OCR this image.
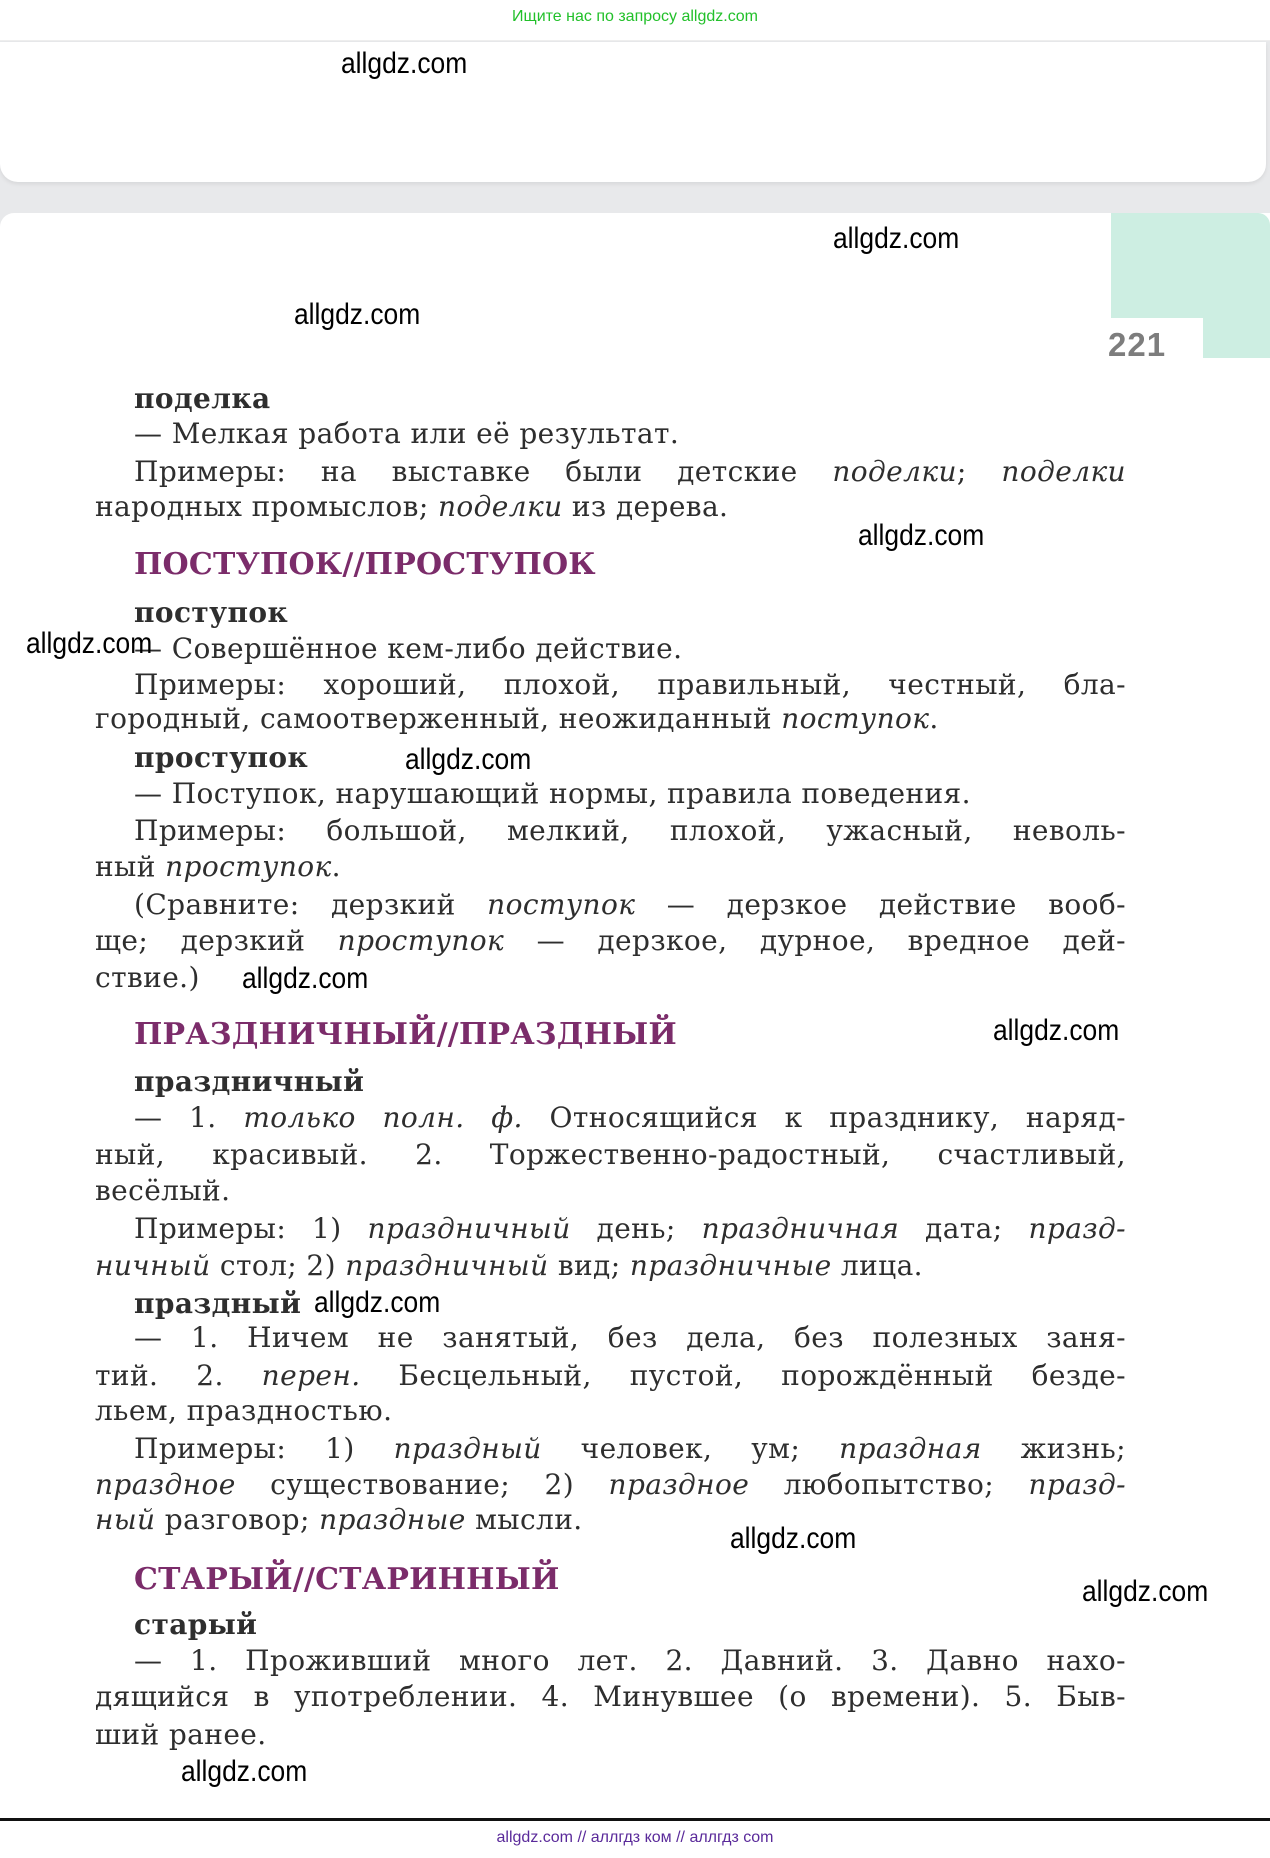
Ищите нас по запросу allgdz.com
221
поделка
— Мелкая работа или её результат.
Примеры: на выставке были детские поделки; поделки
народных промыслов; поделки из дерева.
ПОСТУПОК//ПРОСТУПОК
поступок
— Совершённое кем-либо действие.
Примеры: хороший, плохой, правильный, честный, бла-
городный, самоотверженный, неожиданный поступок.
проступок
— Поступок, нарушающий нормы, правила поведения.
Примеры: большой, мелкий, плохой, ужасный, неволь-
ный проступок.
(Сравните: дерзкий поступок — дерзкое действие вооб-
ще; дерзкий проступок — дерзкое, дурное, вредное дей-
ствие.)
ПРАЗДНИЧНЫЙ//ПРАЗДНЫЙ
праздничный
— 1. только полн. ф. Относящийся к празднику, наряд-
ный, красивый. 2. Торжественно-радостный, счастливый,
весёлый.
Примеры: 1) праздничный день; праздничная дата; празд-
ничный стол; 2) праздничный вид; праздничные лица.
праздный
— 1. Ничем не занятый, без дела, без полезных заня-
тий. 2. перен. Бесцельный, пустой, порождённый безде-
льем, праздностью.
Примеры: 1) праздный человек, ум; праздная жизнь;
праздное существование; 2) праздное любопытство; празд-
ный разговор; праздные мысли.
СТАРЫЙ//СТАРИННЫЙ
старый
— 1. Проживший много лет. 2. Давний. 3. Давно нахо-
дящийся в употреблении. 4. Минувшее (о времени). 5. Быв-
ший ранее.
allgdz.com
allgdz.com
allgdz.com
allgdz.com
allgdz.com
allgdz.com
allgdz.com
allgdz.com
allgdz.com
allgdz.com
allgdz.com
allgdz.com
allgdz.com // аллгдз ком // аллгдз com
